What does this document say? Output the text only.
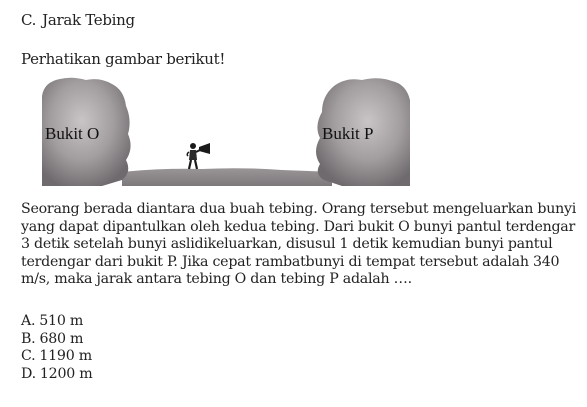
C. Jarak Tebing
Perhatikan gambar berikut!
Bukit O	Bukit P
Seorang berada diantara dua buah tebing. Orang tersebut mengeluarkan bunyi yang dapat dipantulkan oleh kedua tebing. Dari bukit O bunyi pantul terdengar 3 detik setelah bunyi aslidikeluarkan, disusul 1 detik kemudian bunyi pantul terdengar dari bukit P. Jika cepat rambatbunyi di tempat tersebut adalah 340 m/s, maka jarak antara tebing O dan tebing P adalah ….
A. 510 m
B. 680 m
C. 1190 m
D. 1200 m
